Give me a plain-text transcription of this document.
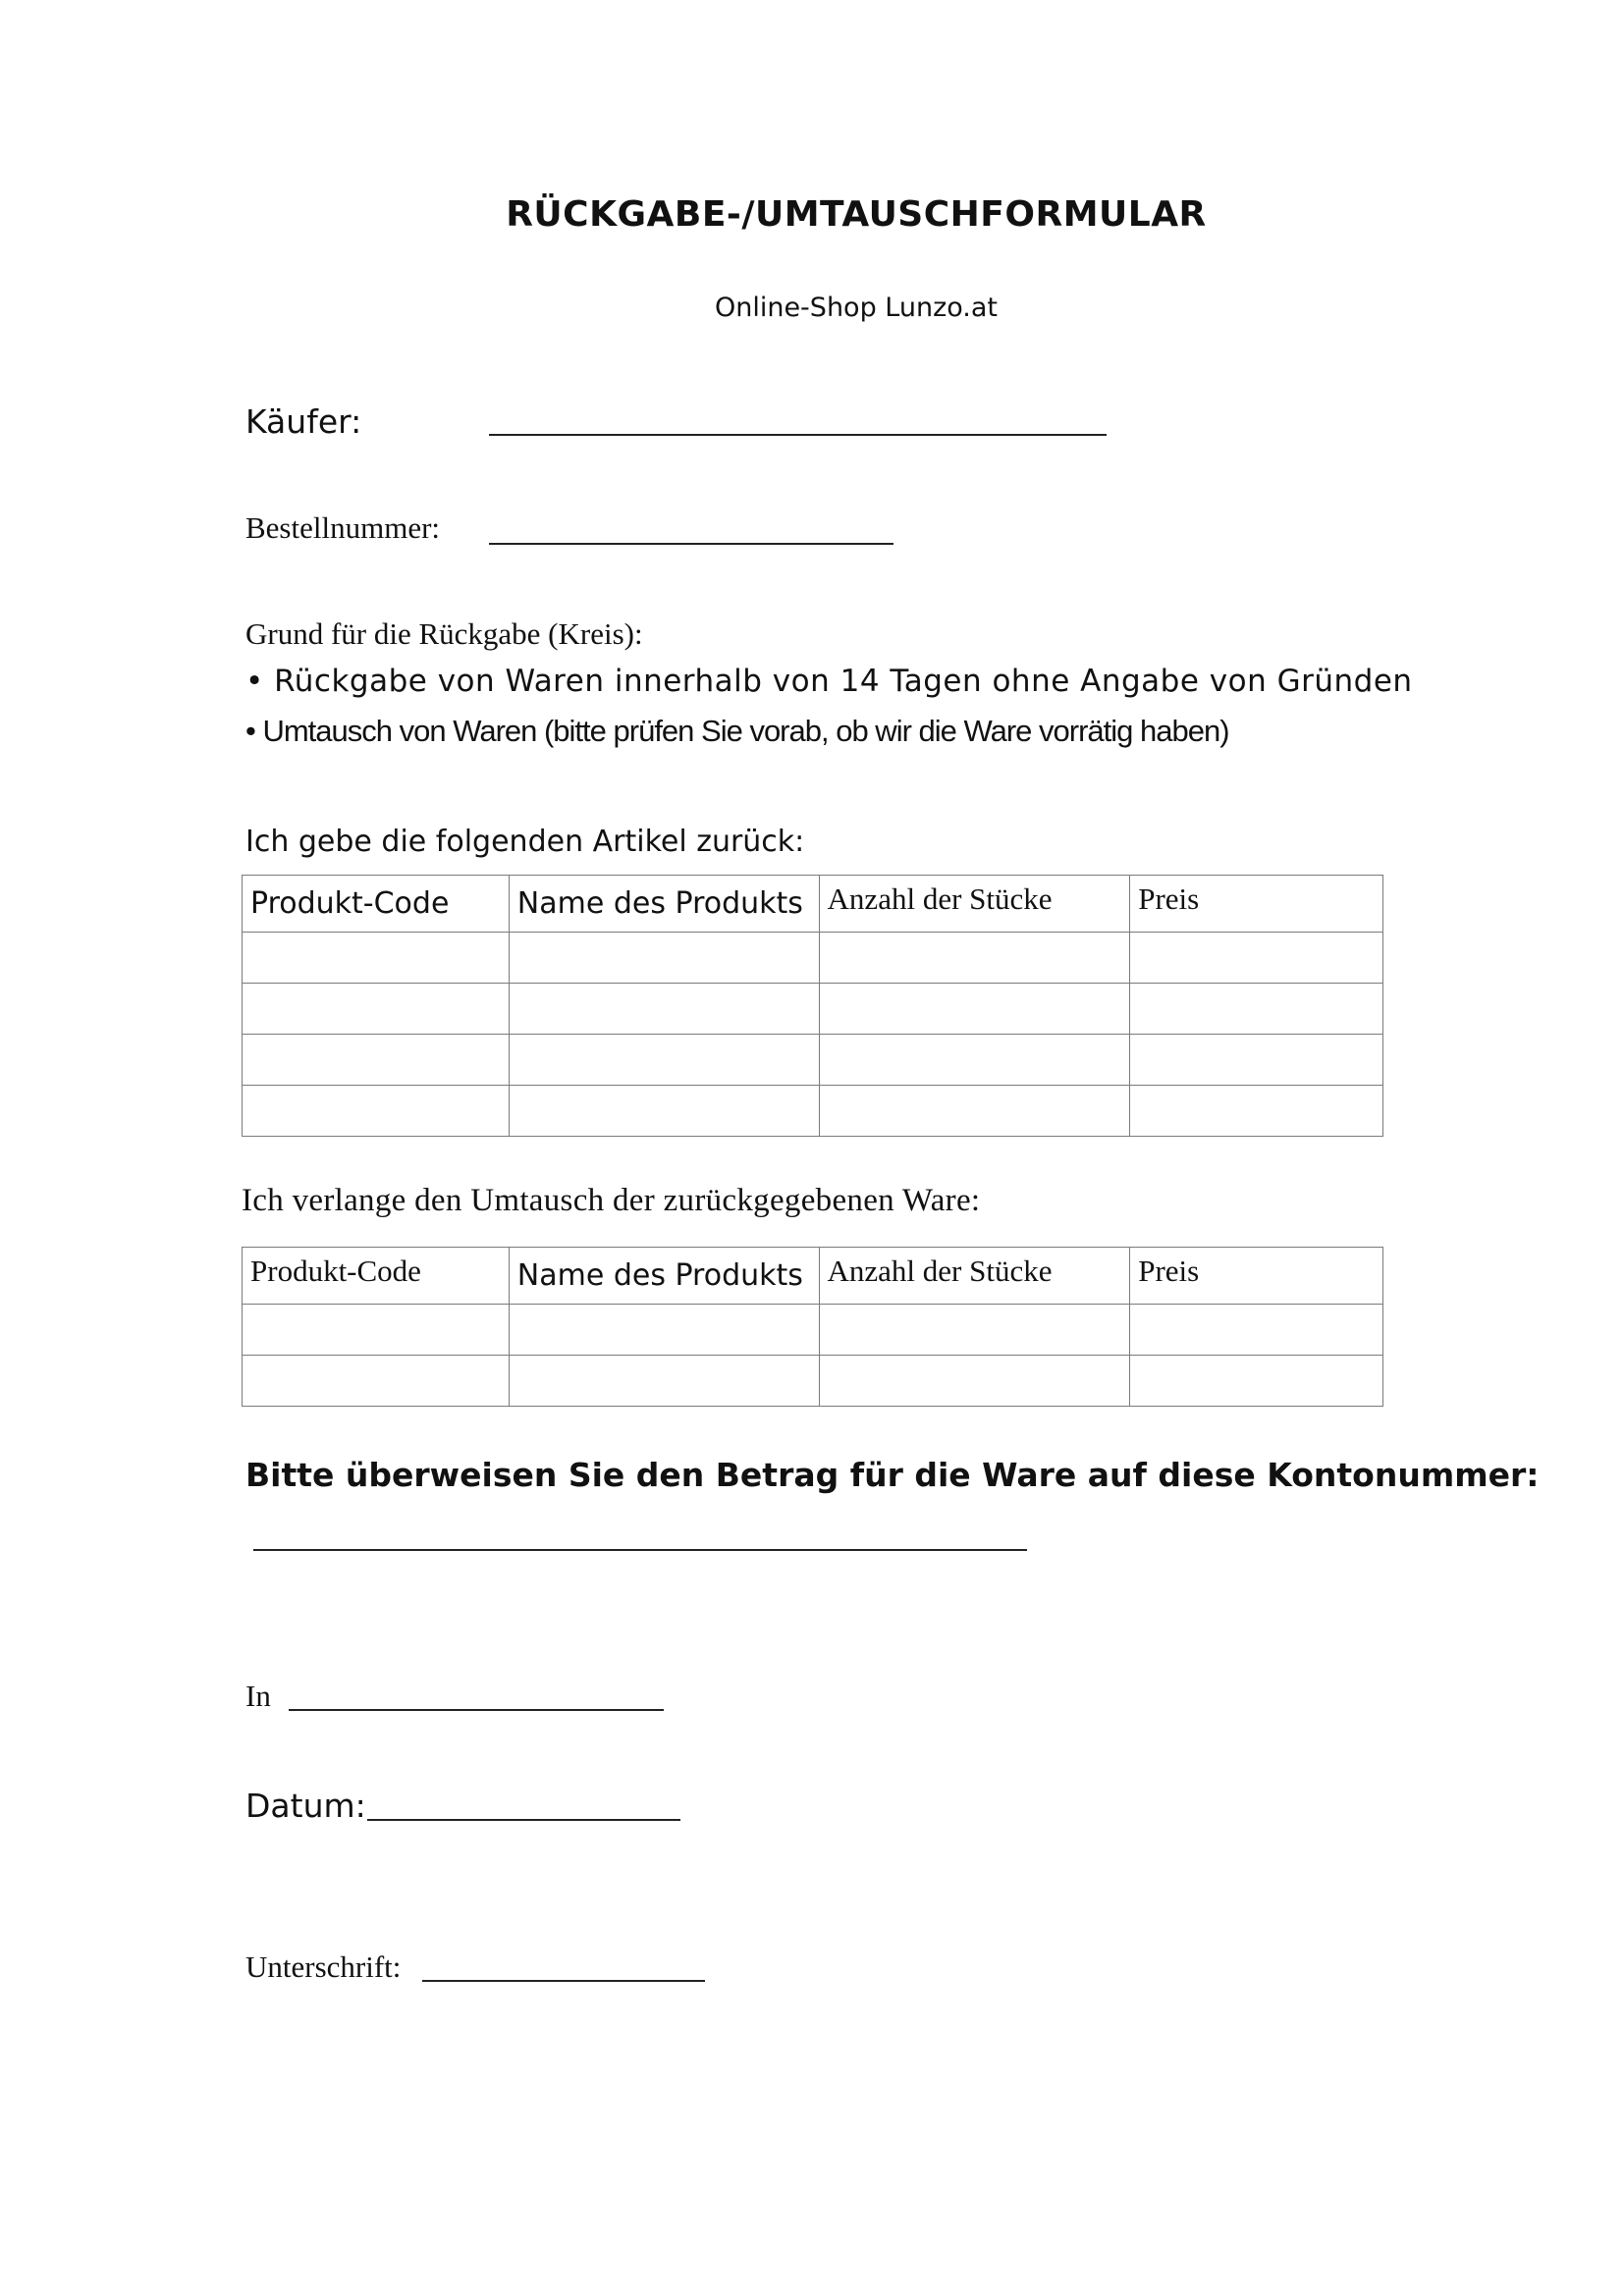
RÜCKGABE-/UMTAUSCHFORMULAR
Online-Shop Lunzo.at
Käufer:
Bestellnummer:
Grund für die Rückgabe (Kreis):
• Rückgabe von Waren innerhalb von 14 Tagen ohne Angabe von Gründen
• Umtausch von Waren (bitte prüfen Sie vorab, ob wir die Ware vorrätig haben)
Ich gebe die folgenden Artikel zurück:
Produkt-Code	Name des Produkts	Anzahl der Stücke	Preis

Ich verlange den Umtausch der zurückgegebenen Ware:
Produkt-Code	Name des Produkts	Anzahl der Stücke	Preis

Bitte überweisen Sie den Betrag für die Ware auf diese Kontonummer:
In
Datum:
Unterschrift:
